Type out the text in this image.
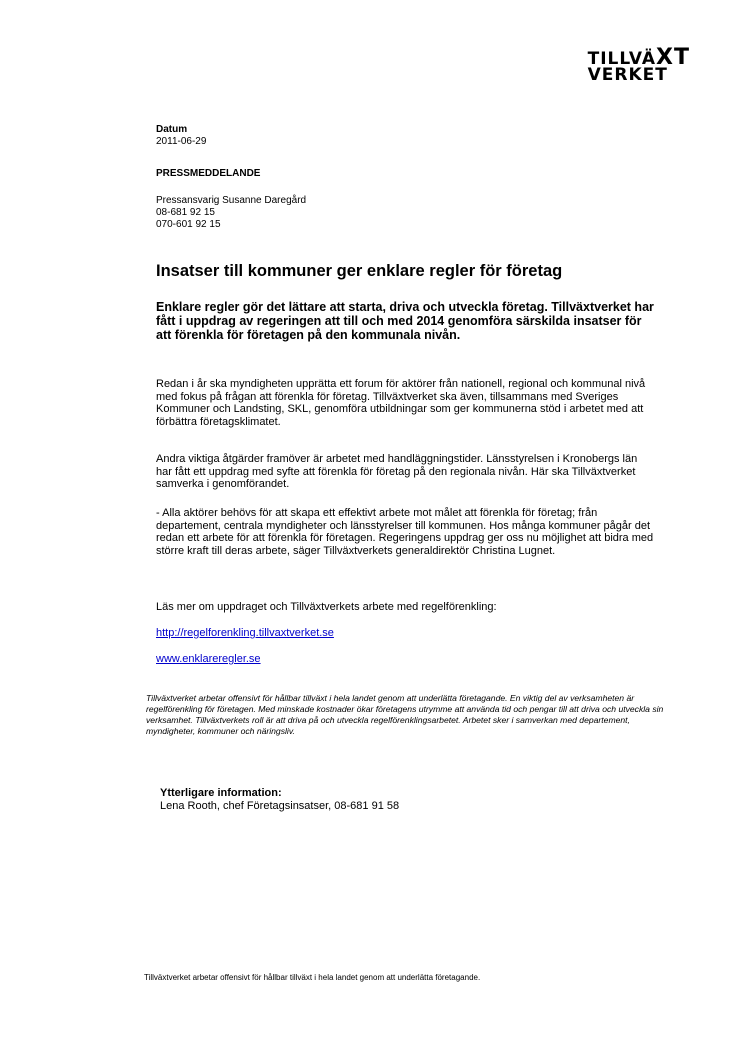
TILLVÄXT
VERKET
Datum
2011-06-29
PRESSMEDDELANDE
Pressansvarig Susanne Daregård
08-681 92 15
070-601 92 15
Insatser till kommuner ger enklare regler för företag
Enklare regler gör det lättare att starta, driva och utveckla företag. Tillväxtverket har fått i uppdrag av regeringen att till och med 2014 genomföra särskilda insatser för att förenkla för företagen på den kommunala nivån.
Redan i år ska myndigheten upprätta ett forum för aktörer från nationell, regional och kommunal nivå med fokus på frågan att förenkla för företag. Tillväxtverket ska även, tillsammans med Sveriges Kommuner och Landsting, SKL, genomföra utbildningar som ger kommunerna stöd i arbetet med att förbättra företagsklimatet.
Andra viktiga åtgärder framöver är arbetet med handläggningstider. Länsstyrelsen i Kronobergs län har fått ett uppdrag med syfte att förenkla för företag på den regionala nivån. Här ska Tillväxtverket samverka i genomförandet.
- Alla aktörer behövs för att skapa ett effektivt arbete mot målet att förenkla för företag; från departement, centrala myndigheter och länsstyrelser till kommunen. Hos många kommuner pågår det redan ett arbete för att förenkla för företagen. Regeringens uppdrag ger oss nu möjlighet att bidra med större kraft till deras arbete, säger Tillväxtverkets generaldirektör Christina Lugnet.
Läs mer om uppdraget och Tillväxtverkets arbete med regelförenkling:
http://regelforenkling.tillvaxtverket.se
www.enklareregler.se
Tillväxtverket arbetar offensivt för hållbar tillväxt i hela landet genom att underlätta företagande. En viktig del av verksamheten är regelförenkling för företagen. Med minskade kostnader ökar företagens utrymme att använda tid och pengar till att driva och utveckla sin verksamhet. Tillväxtverkets roll är att driva på och utveckla regelförenklingsarbetet. Arbetet sker i samverkan med departement, myndigheter, kommuner och näringsliv.
Ytterligare information:
Lena Rooth, chef Företagsinsatser, 08-681 91 58
Tillväxtverket arbetar offensivt för hållbar tillväxt i hela landet genom att underlätta företagande.
